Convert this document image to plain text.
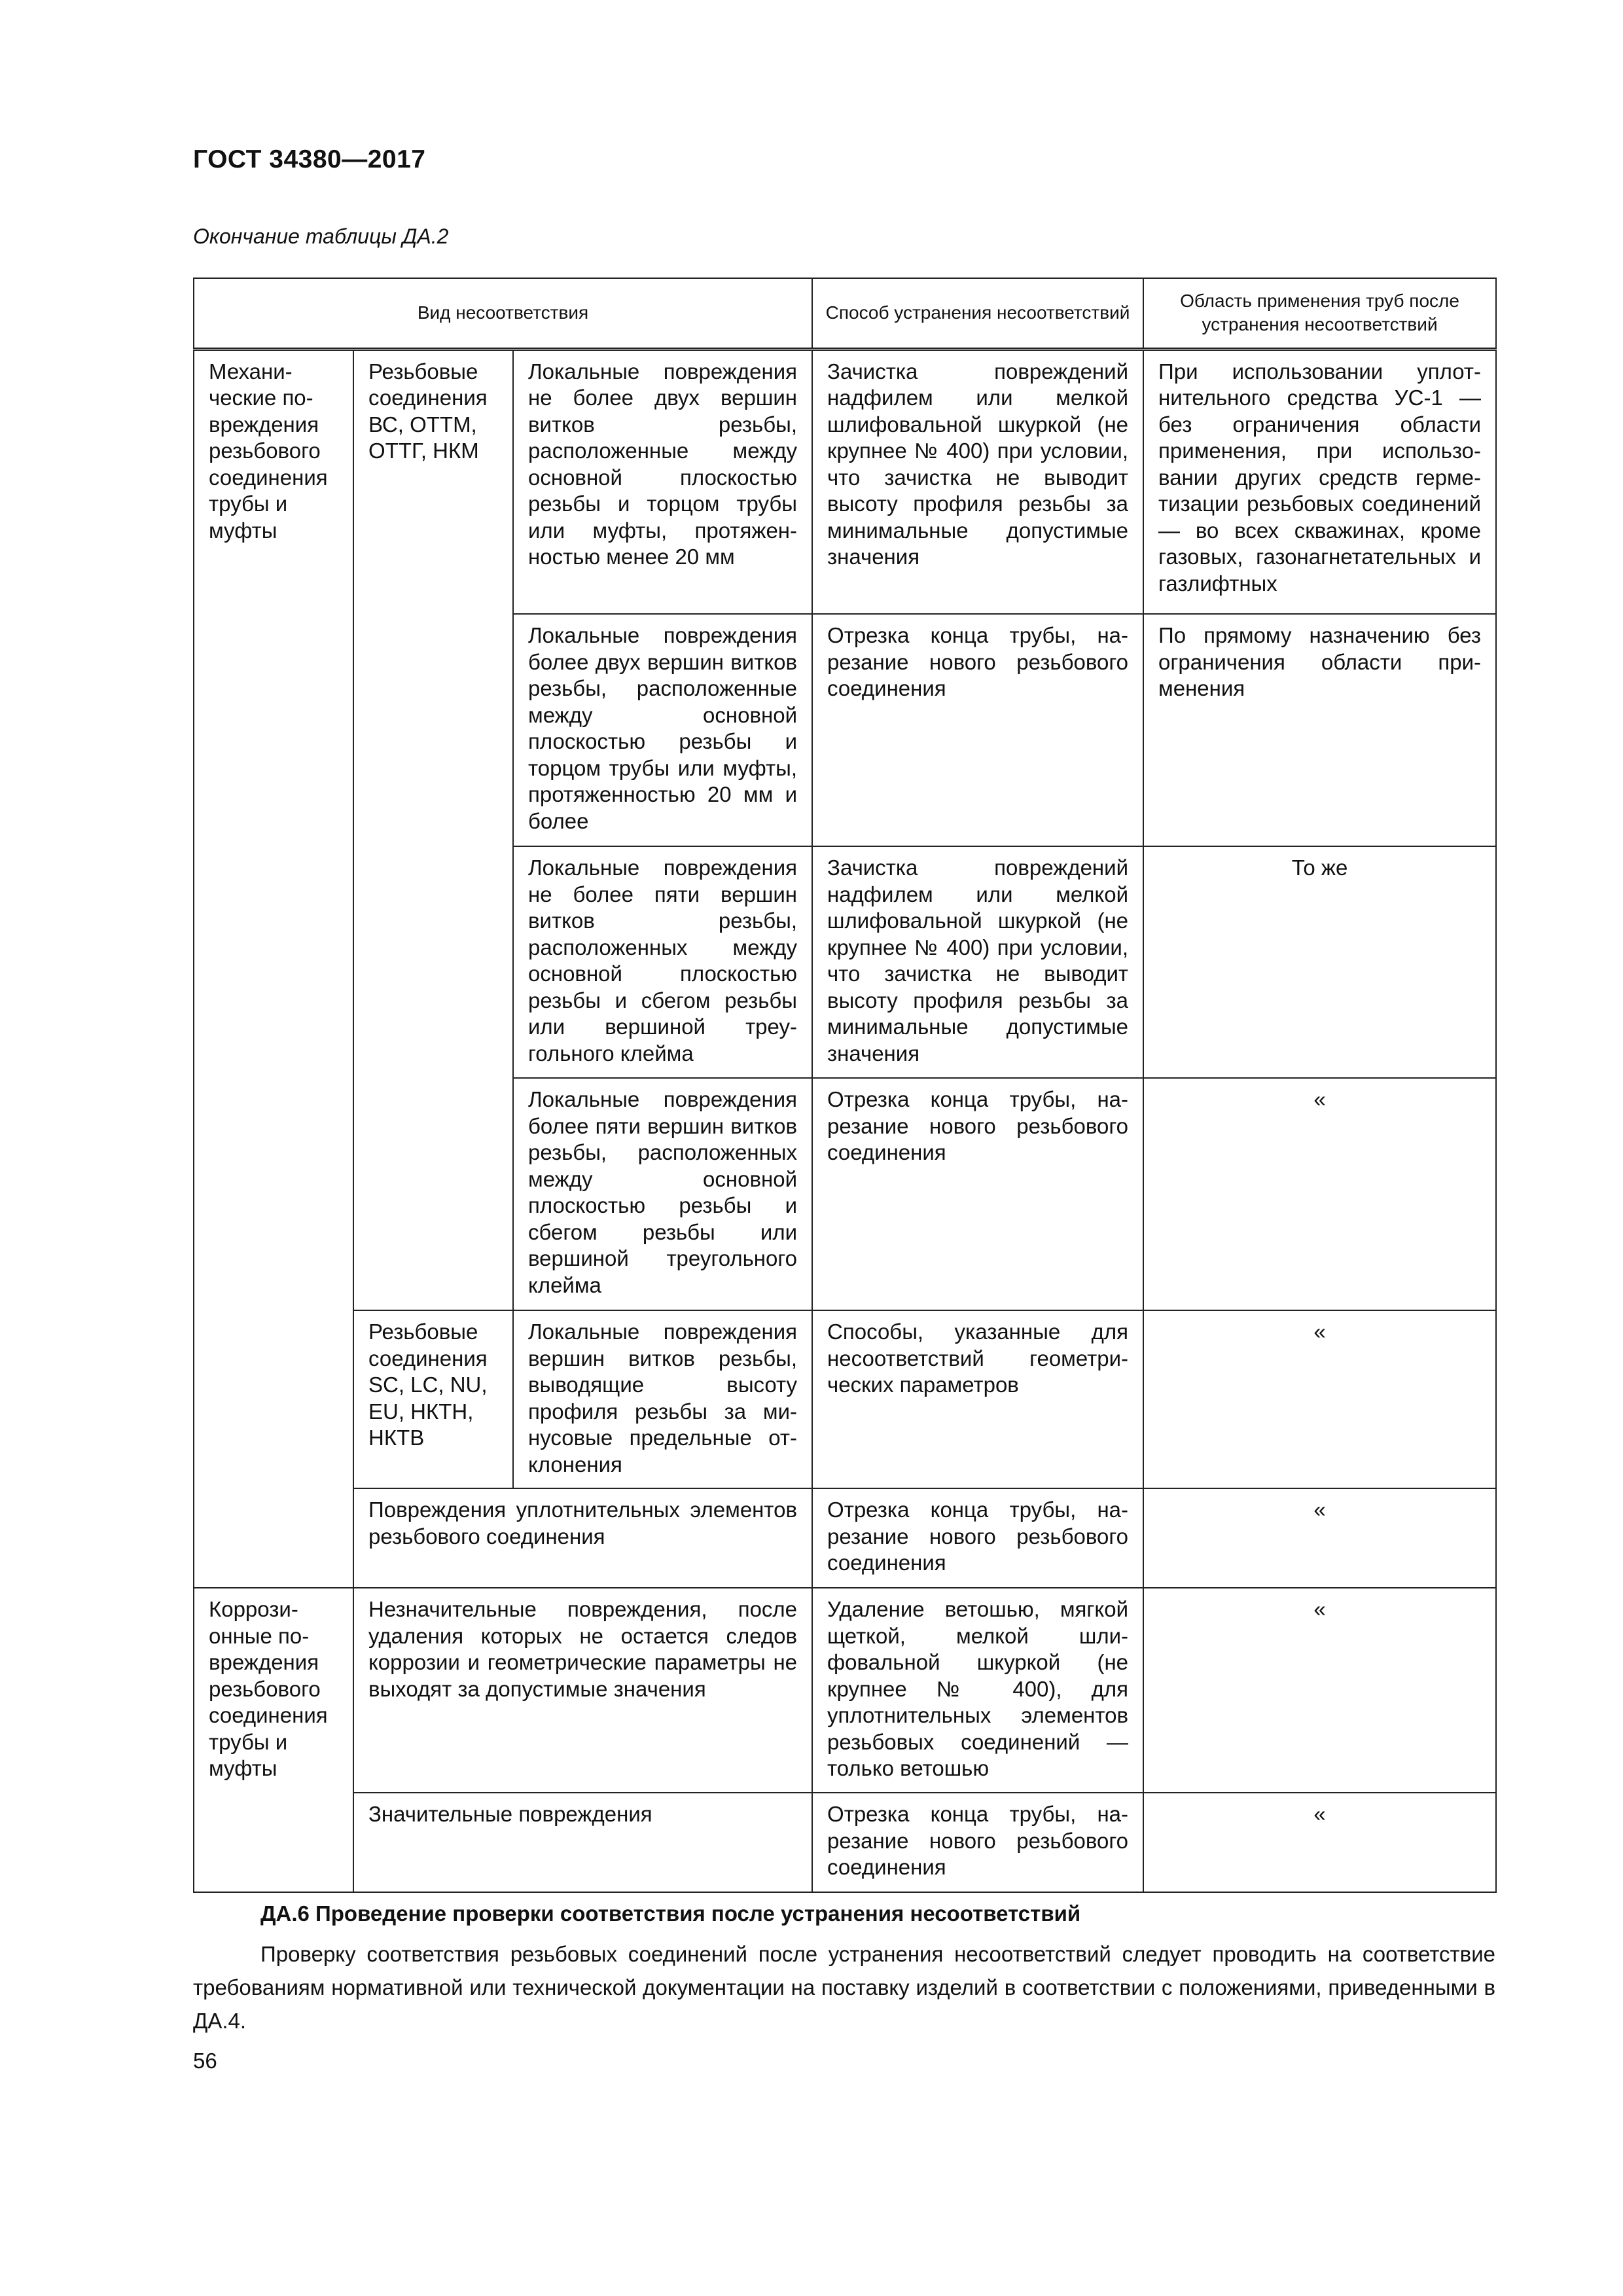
ГОСТ 34380—2017
Окончание таблицы ДА.2
Вид несоответствия			Способ устранения несоответствий	Область применения труб после устранения несоответствий
Механические повреждения резьбового соединения трубы и муфты	Резьбовые соединения ВС, ОТТМ, ОТТГ, НКМ	Локальные повреждения не более двух вершин витков резьбы, расположенные между основной плоскостью резьбы и торцом трубы или муфты, протяженностью менее 20 мм	Зачистка повреждений надфилем или мелкой шлифовальной шкуркой (не крупнее № 400) при условии, что зачистка не выводит высоту профиля резьбы за минимальные допустимые значения	При использовании уплотнительного средства УС-1 — без ограничения области применения, при использовании других средств герметизации резьбовых соединений — во всех скважинах, кроме газовых, газонагнетательных и газлифтных
		Локальные повреждения более двух вершин витков резьбы, расположенные между основной плоскостью резьбы и торцом трубы или муфты, протяженностью 20 мм и более	Отрезка конца трубы, нарезание нового резьбового соединения	По прямому назначению без ограничения области применения
		Локальные повреждения не более пяти вершин витков резьбы, расположенных между основной плоскостью резьбы и сбегом резьбы или вершиной треугольного клейма	Зачистка повреждений надфилем или мелкой шлифовальной шкуркой (не крупнее № 400) при условии, что зачистка не выводит высоту профиля резьбы за минимальные допустимые значения	То же
		Локальные повреждения более пяти вершин витков резьбы, расположенных между основной плоскостью резьбы и сбегом резьбы или вершиной треугольного клейма	Отрезка конца трубы, нарезание нового резьбового соединения	«
	Резьбовые соединения SC, LC, NU, EU, НКТН, НКТВ	Локальные повреждения вершин витков резьбы, выводящие высоту профиля резьбы за минусовые предельные отклонения	Способы, указанные для несоответствий геометрических параметров	«
	Повреждения уплотнительных элементов резьбового соединения		Отрезка конца трубы, нарезание нового резьбового соединения	«
Коррозионные повреждения резьбового соединения трубы и муфты	Незначительные повреждения, после удаления которых не остается следов коррозии и геометрические параметры не выходят за допустимые значения		Удаление ветошью, мягкой щеткой, мелкой шлифовальной шкуркой (не крупнее № 400), для уплотнительных элементов резьбовых соединений — только ветошью	«
	Значительные повреждения		Отрезка конца трубы, нарезание нового резьбового соединения	«
ДА.6 Проведение проверки соответствия после устранения несоответствий
Проверку соответствия резьбовых соединений после устранения несоответствий следует проводить на соответствие требованиям нормативной или технической документации на поставку изделий в соответствии с положениями, приведенными в ДА.4.
56
